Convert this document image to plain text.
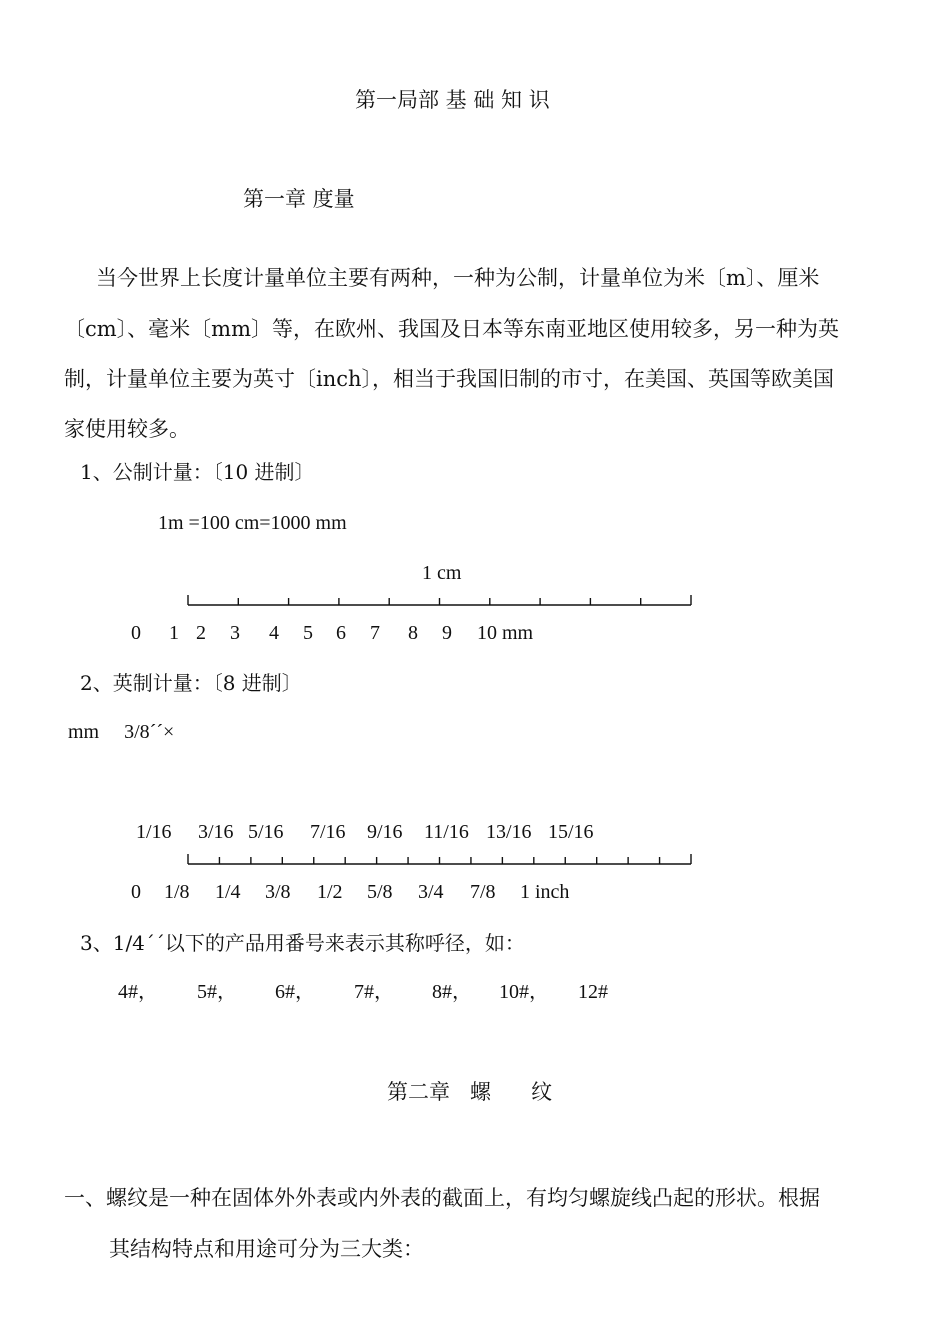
第一局部 基 础 知 识
第一章 度量
当今世界上长度计量单位主要有两种，一种为公制，计量单位为米〔m〕、厘米
〔cm〕、毫米〔mm〕等，在欧州、我国及日本等东南亚地区使用较多，另一种为英
制，计量单位主要为英寸〔inch〕，相当于我国旧制的市寸，在美国、英国等欧美国
家使用较多。
1、公制计量：〔10 进制〕
1m =100 cm=1000 mm
1 cm
0 1 2 3 4 5 6 7 8 9 10 mm
2、英制计量：〔8 进制〕
mm     3/8´´×
1/16 3/16 5/16 7/16 9/16 11/16 13/16 15/16
0 1/8 1/4 3/8 1/2 5/8 3/4 7/8 1 inch
3、1/4´´以下的产品用番号来表示其称呼径，如：
4#， 5#， 6#， 7#， 8#， 10#， 12#
第二章   螺      纹
一、螺纹是一种在固体外外表或内外表的截面上，有均匀螺旋线凸起的形状。根据
其结构特点和用途可分为三大类：
